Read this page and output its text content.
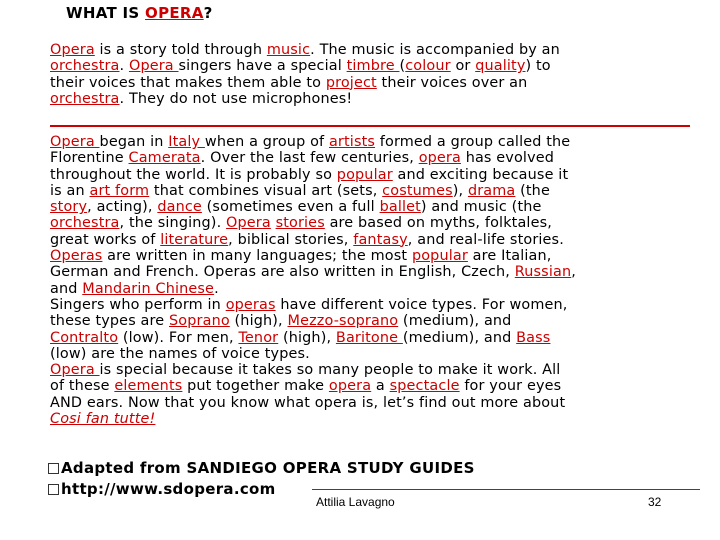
WHAT IS OPERA?
Opera is a story told through music. The music is accompanied by an
orchestra. Opera singers have a special timbre (colour or quality) to
their voices that makes them able to project their voices over an
orchestra. They do not use microphones!
Opera began in Italy when a group of artists formed a group called the
Florentine Camerata. Over the last few centuries, opera has evolved
throughout the world. It is probably so popular and exciting because it
is an art form that combines visual art (sets, costumes), drama (the
story, acting), dance (sometimes even a full ballet) and music (the
orchestra, the singing). Opera stories are based on myths, folktales,
great works of literature, biblical stories, fantasy, and real-life stories.
Operas are written in many languages; the most popular are Italian,
German and French. Operas are also written in English, Czech, Russian,
and Mandarin Chinese.
Singers who perform in operas have different voice types. For women,
these types are Soprano (high), Mezzo-soprano (medium), and
Contralto (low). For men, Tenor (high), Baritone (medium), and Bass
(low) are the names of voice types.
Opera is special because it takes so many people to make it work. All
of these elements put together make opera a spectacle for your eyes
AND ears. Now that you know what opera is, let’s find out more about
Cosi fan tutte!
Adapted from SANDIEGO OPERA STUDY GUIDES
http://www.sdopera.com
Attilia Lavagno	32
